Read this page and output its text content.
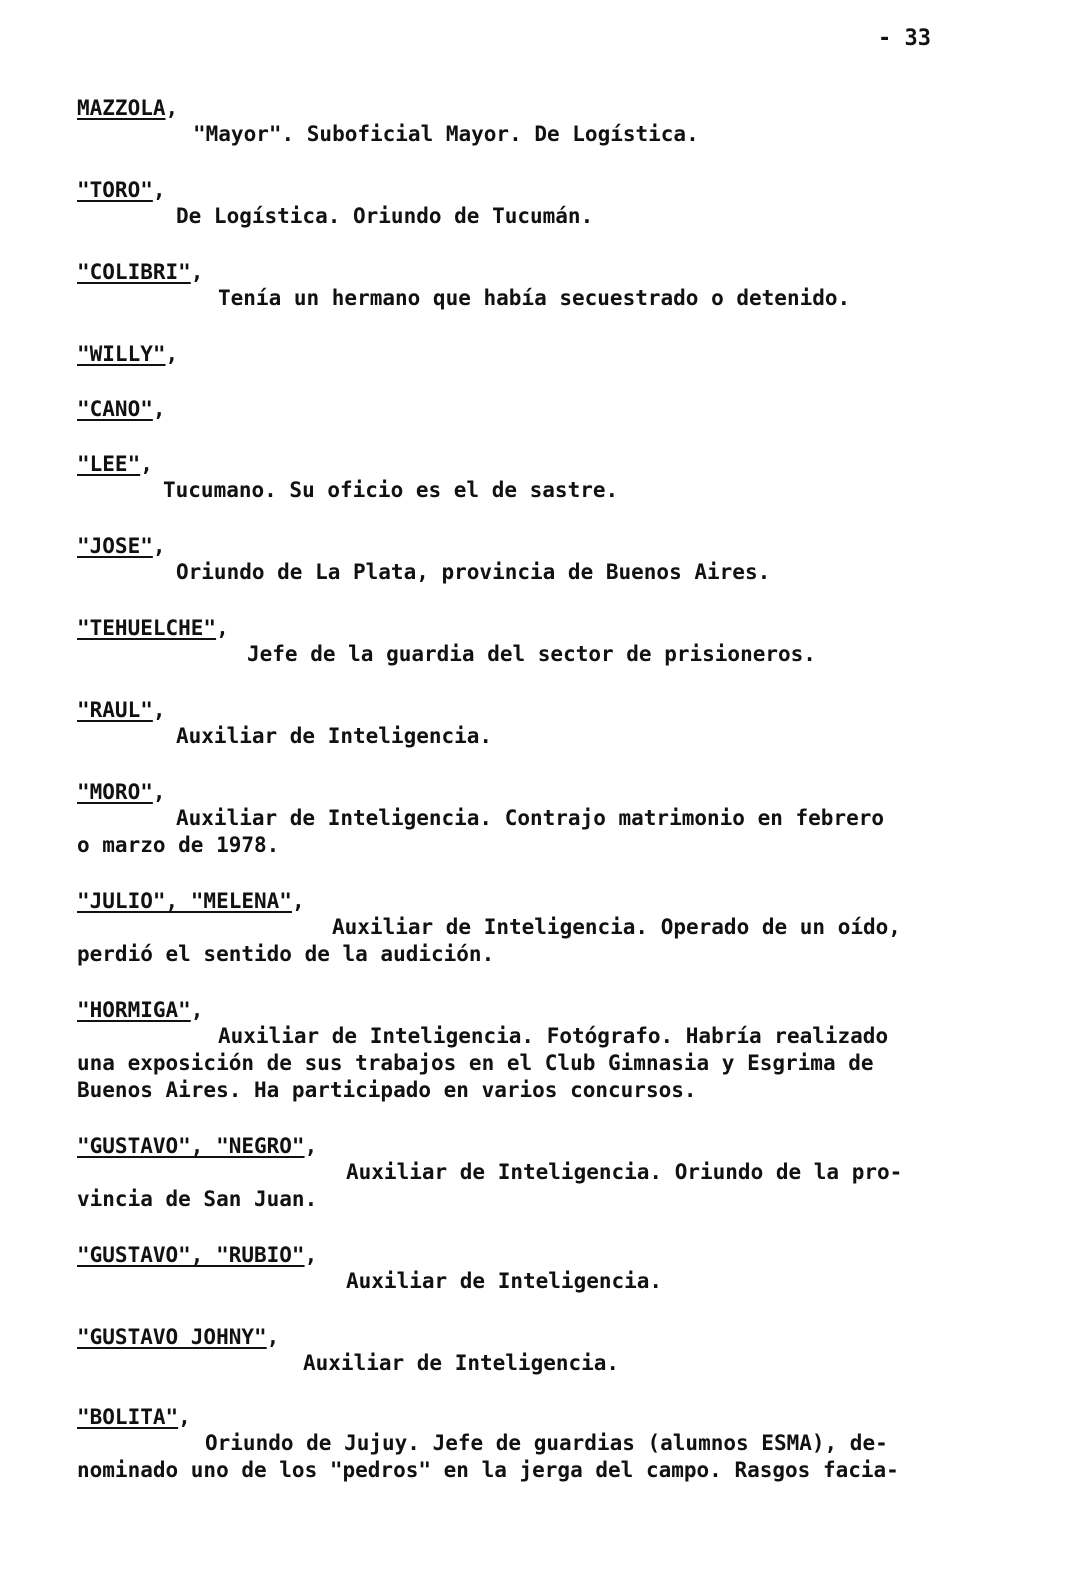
- 33
MAZZOLA,
"Mayor". Suboficial Mayor. De Logística.
"TORO",
De Logística. Oriundo de Tucumán.
"COLIBRI",
Tenía un hermano que había secuestrado o detenido.
"WILLY",
"CANO",
"LEE",
Tucumano. Su oficio es el de sastre.
"JOSE",
Oriundo de La Plata, provincia de Buenos Aires.
"TEHUELCHE",
Jefe de la guardia del sector de prisioneros.
"RAUL",
Auxiliar de Inteligencia.
"MORO",
Auxiliar de Inteligencia. Contrajo matrimonio en febrero
o marzo de 1978.
"JULIO", "MELENA",
Auxiliar de Inteligencia. Operado de un oído,
perdió el sentido de la audición.
"HORMIGA",
Auxiliar de Inteligencia. Fotógrafo. Habría realizado
una exposición de sus trabajos en el Club Gimnasia y Esgrima de
Buenos Aires. Ha participado en varios concursos.
"GUSTAVO", "NEGRO",
Auxiliar de Inteligencia. Oriundo de la pro-
vincia de San Juan.
"GUSTAVO", "RUBIO",
Auxiliar de Inteligencia.
"GUSTAVO JOHNY",
Auxiliar de Inteligencia.
"BOLITA",
Oriundo de Jujuy. Jefe de guardias (alumnos ESMA), de-
nominado uno de los "pedros" en la jerga del campo. Rasgos facia-
